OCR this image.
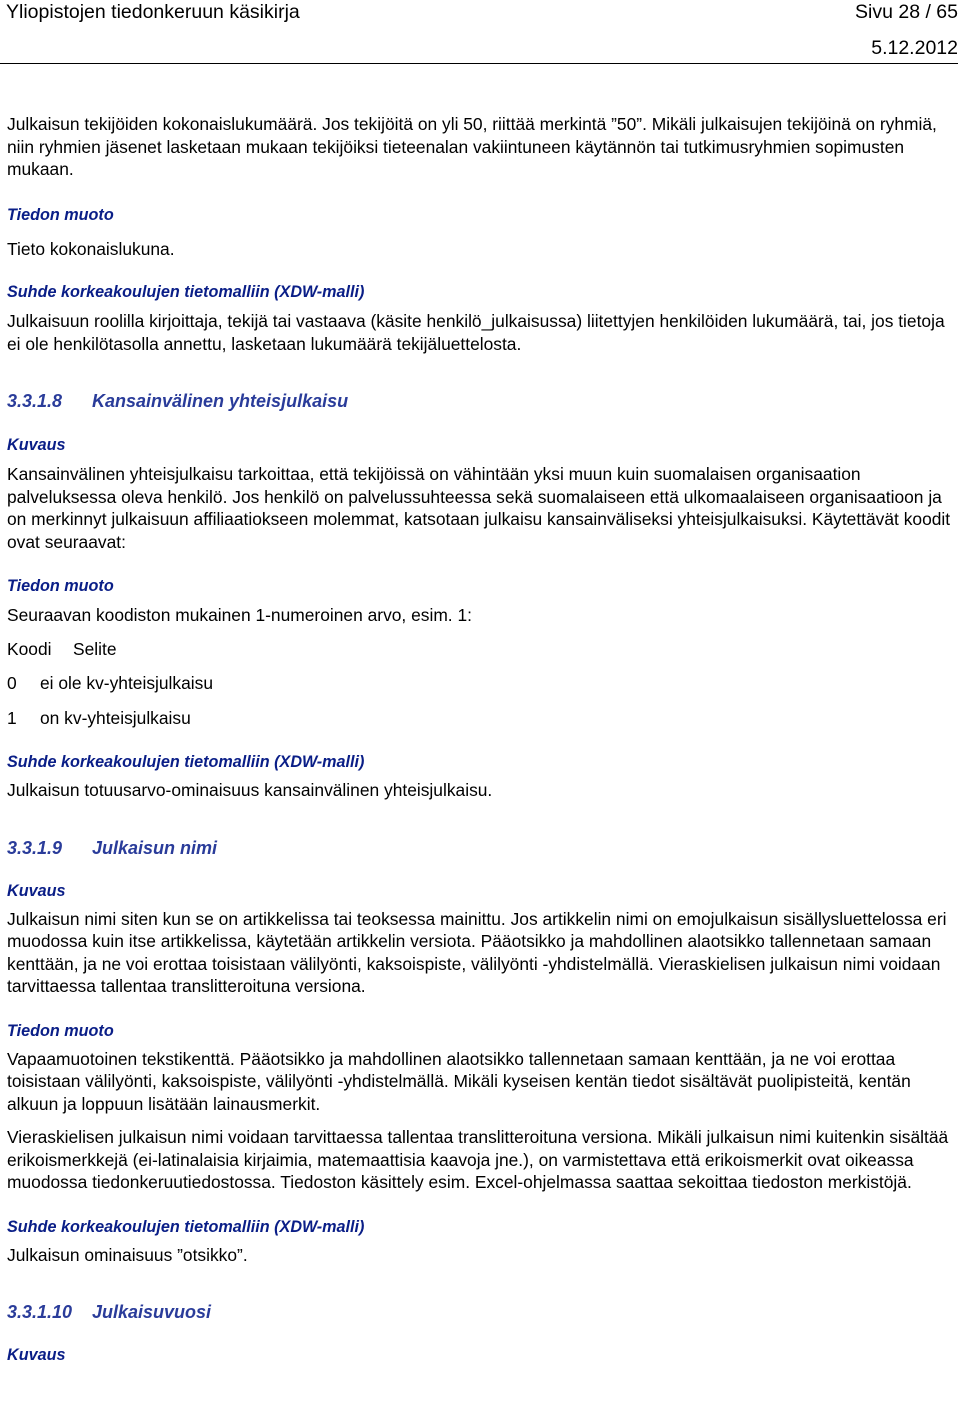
Yliopistojen tiedonkeruun käsikirja	Sivu 28 / 65
5.12.2012

Julkaisun tekijöiden kokonaislukumäärä. Jos tekijöitä on yli 50, riittää merkintä ”50”. Mikäli julkaisujen tekijöinä on ryhmiä, niin ryhmien jäsenet lasketaan mukaan tekijöiksi tieteenalan vakiintuneen käytännön tai tutkimusryhmien sopimusten mukaan.

Tiedon muoto

Tieto kokonaislukuna.

Suhde korkeakoulujen tietomalliin (XDW-malli)

Julkaisuun roolilla kirjoittaja, tekijä tai vastaava (käsite henkilö_julkaisussa) liitettyjen henkilöiden lukumäärä, tai, jos tietoja ei ole henkilötasolla annettu, lasketaan lukumäärä tekijäluettelosta.

3.3.1.8 Kansainvälinen yhteisjulkaisu

Kuvaus

Kansainvälinen yhteisjulkaisu tarkoittaa, että tekijöissä on vähintään yksi muun kuin suomalaisen organisaation palveluksessa oleva henkilö. Jos henkilö on palvelussuhteessa sekä suomalaiseen että ulkomaalaiseen organisaatioon ja on merkinnyt julkaisuun affiliaatiokseen molemmat, katsotaan julkaisu kansainväliseksi yhteisjulkaisuksi. Käytettävät koodit ovat seuraavat:

Tiedon muoto

Seuraavan koodiston mukainen 1-numeroinen arvo, esim. 1:

Koodi Selite

0 ei ole kv-yhteisjulkaisu

1 on kv-yhteisjulkaisu

Suhde korkeakoulujen tietomalliin (XDW-malli)

Julkaisun totuusarvo-ominaisuus kansainvälinen yhteisjulkaisu.

3.3.1.9 Julkaisun nimi

Kuvaus

Julkaisun nimi siten kun se on artikkelissa tai teoksessa mainittu. Jos artikkelin nimi on emojulkaisun sisällysluettelossa eri muodossa kuin itse artikkelissa, käytetään artikkelin versiota. Pääotsikko ja mahdollinen alaotsikko tallennetaan samaan kenttään, ja ne voi erottaa toisistaan välilyönti, kaksoispiste, välilyönti -yhdistelmällä. Vieraskielisen julkaisun nimi voidaan tarvittaessa tallentaa translitteroituna versiona.

Tiedon muoto

Vapaamuotoinen tekstikenttä. Pääotsikko ja mahdollinen alaotsikko tallennetaan samaan kenttään, ja ne voi erottaa toisistaan välilyönti, kaksoispiste, välilyönti -yhdistelmällä. Mikäli kyseisen kentän tiedot sisältävät puolipisteitä, kentän alkuun ja loppuun lisätään lainausmerkit.

Vieraskielisen julkaisun nimi voidaan tarvittaessa tallentaa translitteroituna versiona. Mikäli julkaisun nimi kuitenkin sisältää erikoismerkkejä (ei-latinalaisia kirjaimia, matemaattisia kaavoja jne.), on varmistettava että erikoismerkit ovat oikeassa muodossa tiedonkeruutiedostossa. Tiedoston käsittely esim. Excel-ohjelmassa saattaa sekoittaa tiedoston merkistöjä.

Suhde korkeakoulujen tietomalliin (XDW-malli)

Julkaisun ominaisuus ”otsikko”.

3.3.1.10 Julkaisuvuosi

Kuvaus
